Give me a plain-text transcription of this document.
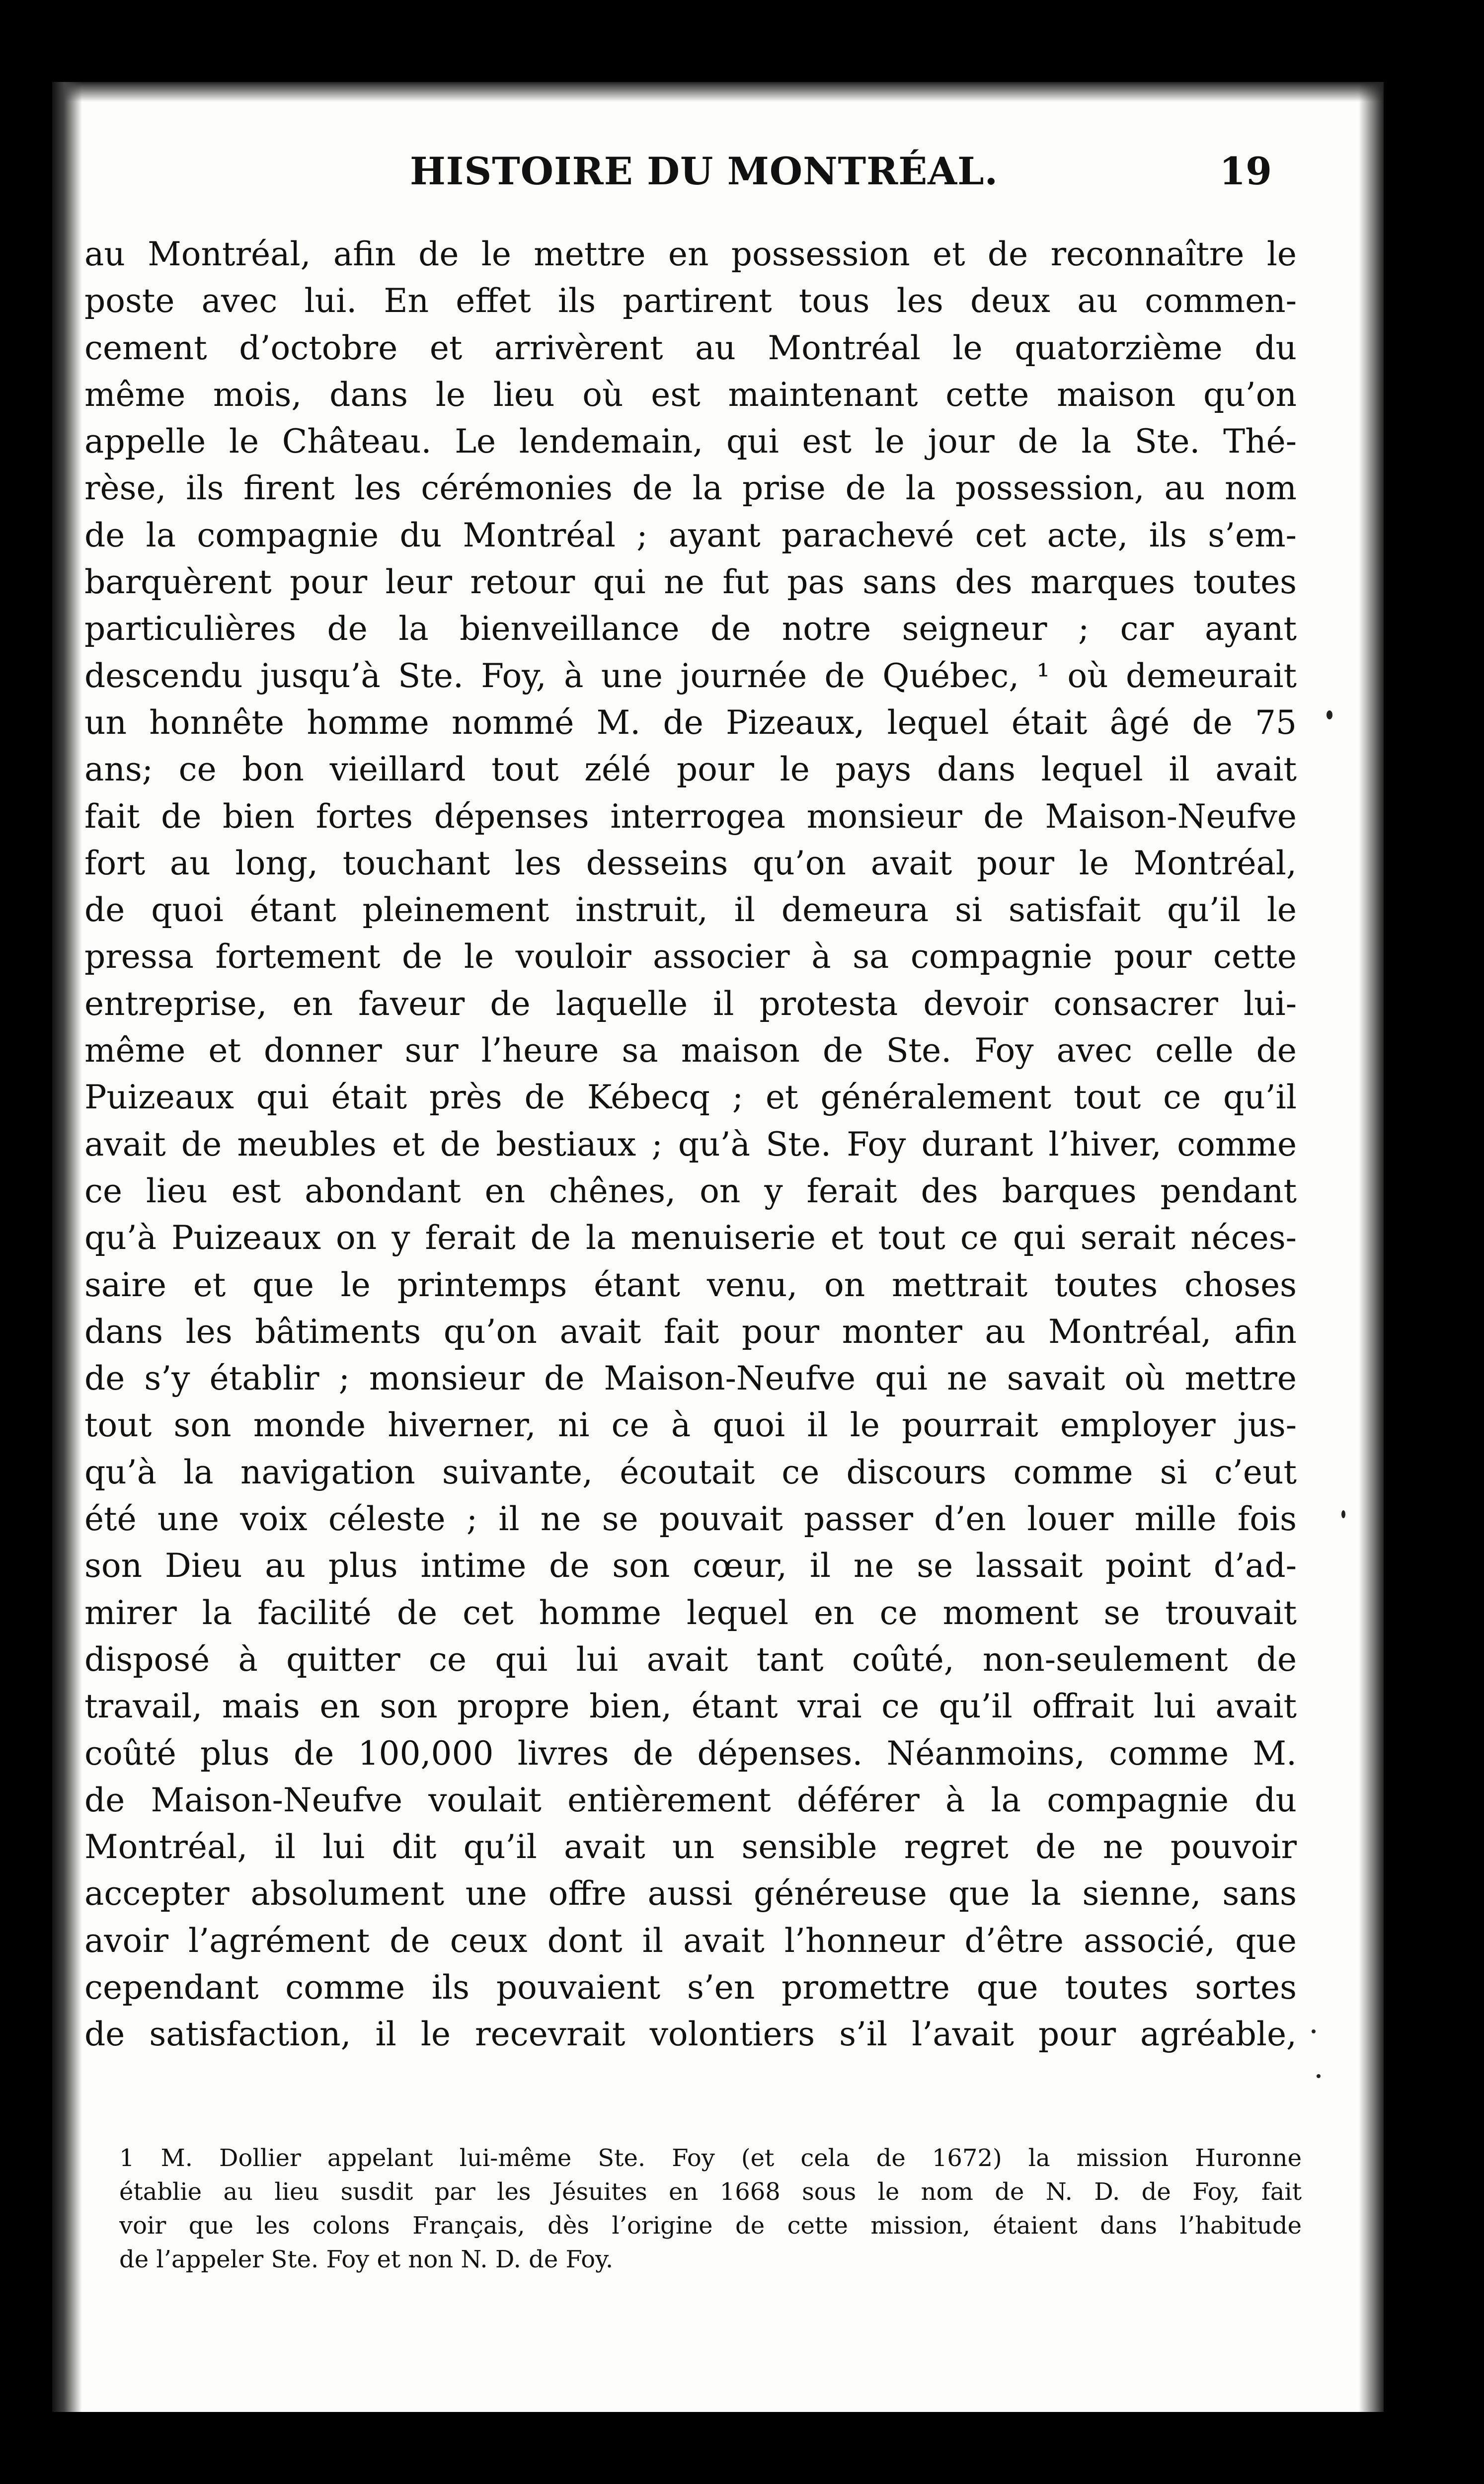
HISTOIRE DU MONTRÉAL.	19
au Montréal, afin de le mettre en possession et de reconnaître le
poste avec lui. En effet ils partirent tous les deux au commen-
cement d’octobre et arrivèrent au Montréal le quatorzième du
même mois, dans le lieu où est maintenant cette maison qu’on
appelle le Château. Le lendemain, qui est le jour de la Ste. Thé-
rèse, ils firent les cérémonies de la prise de la possession, au nom
de la compagnie du Montréal ; ayant parachevé cet acte, ils s’em-
barquèrent pour leur retour qui ne fut pas sans des marques toutes
particulières de la bienveillance de notre seigneur ; car ayant
descendu jusqu’à Ste. Foy, à une journée de Québec, ¹ où demeurait
un honnête homme nommé M. de Pizeaux, lequel était âgé de 75
ans; ce bon vieillard tout zélé pour le pays dans lequel il avait
fait de bien fortes dépenses interrogea monsieur de Maison-Neufve
fort au long, touchant les desseins qu’on avait pour le Montréal,
de quoi étant pleinement instruit, il demeura si satisfait qu’il le
pressa fortement de le vouloir associer à sa compagnie pour cette
entreprise, en faveur de laquelle il protesta devoir consacrer lui-
même et donner sur l’heure sa maison de Ste. Foy avec celle de
Puizeaux qui était près de Kébecq ; et généralement tout ce qu’il
avait de meubles et de bestiaux ; qu’à Ste. Foy durant l’hiver, comme
ce lieu est abondant en chênes, on y ferait des barques pendant
qu’à Puizeaux on y ferait de la menuiserie et tout ce qui serait néces-
saire et que le printemps étant venu, on mettrait toutes choses
dans les bâtiments qu’on avait fait pour monter au Montréal, afin
de s’y établir ; monsieur de Maison-Neufve qui ne savait où mettre
tout son monde hiverner, ni ce à quoi il le pourrait employer jus-
qu’à la navigation suivante, écoutait ce discours comme si c’eut
été une voix céleste ; il ne se pouvait passer d’en louer mille fois
son Dieu au plus intime de son cœur, il ne se lassait point d’ad-
mirer la facilité de cet homme lequel en ce moment se trouvait
disposé à quitter ce qui lui avait tant coûté, non-seulement de
travail, mais en son propre bien, étant vrai ce qu’il offrait lui avait
coûté plus de 100,000 livres de dépenses. Néanmoins, comme M.
de Maison-Neufve voulait entièrement déférer à la compagnie du
Montréal, il lui dit qu’il avait un sensible regret de ne pouvoir
accepter absolument une offre aussi généreuse que la sienne, sans
avoir l’agrément de ceux dont il avait l’honneur d’être associé, que
cependant comme ils pouvaient s’en promettre que toutes sortes
de satisfaction, il le recevrait volontiers s’il l’avait pour agréable,
1 M. Dollier appelant lui-même Ste. Foy (et cela de 1672) la mission Huronne
établie au lieu susdit par les Jésuites en 1668 sous le nom de N. D. de Foy, fait
voir que les colons Français, dès l’origine de cette mission, étaient dans l’habitude
de l’appeler Ste. Foy et non N. D. de Foy.
